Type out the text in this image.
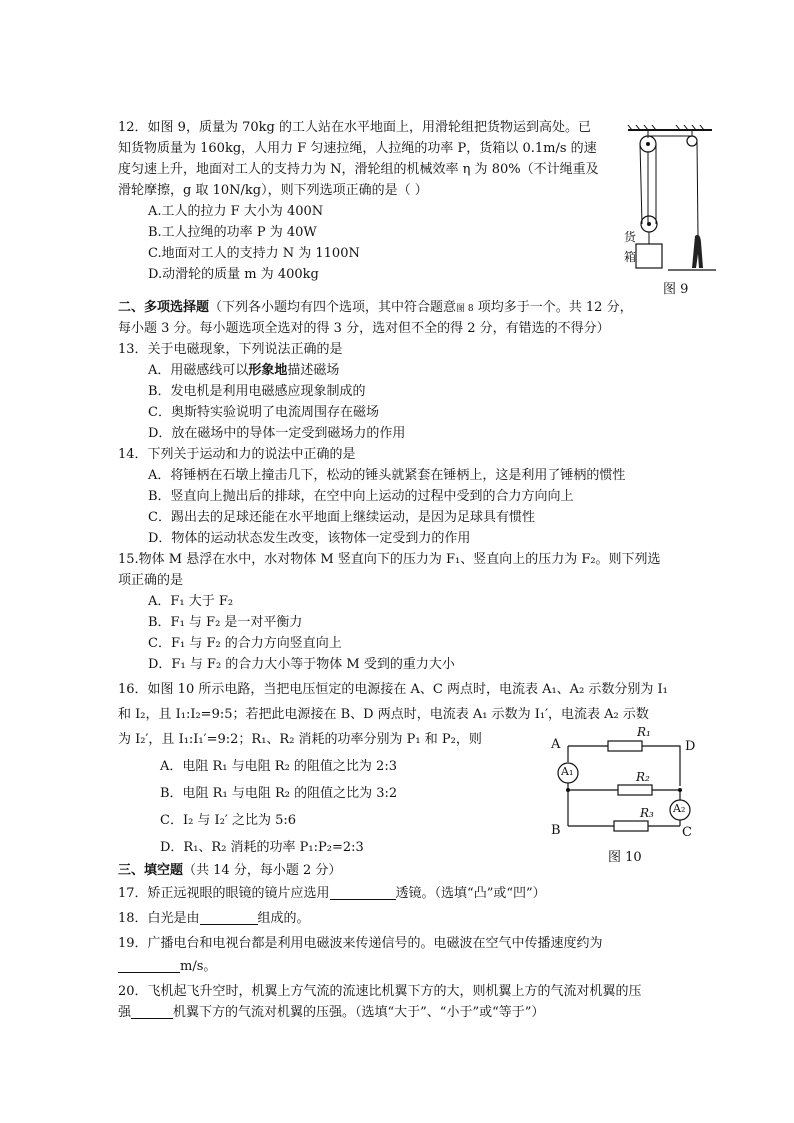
12．如图 9，质量为 70kg 的工人站在水平地面上，用滑轮组把货物运到高处。已
知货物质量为 160kg，人用力 F 匀速拉绳，人拉绳的功率 P，货箱以 0.1m/s 的速
度匀速上升，地面对工人的支持力为 N，滑轮组的机械效率 η 为 80%（不计绳重及
滑轮摩擦，g 取 10N/kg），则下列选项正确的是（ ）
A.工人的拉力 F 大小为 400N
B.工人拉绳的功率 P 为 40W
C.地面对工人的支持力 N 为 1100N
D.动滑轮的质量 m 为 400kg
货
箱
图 9
二、多项选择题（下列各小题均有四个选项，其中符合题意图 8 项均多于一个。共 12 分，
每小题 3 分。每小题选项全选对的得 3 分，选对但不全的得 2 分，有错选的不得分）
13．关于电磁现象，下列说法正确的是
A．用磁感线可以形象地描述磁场
B．发电机是利用电磁感应现象制成的
C．奥斯特实验说明了电流周围存在磁场
D．放在磁场中的导体一定受到磁场力的作用
14．下列关于运动和力的说法中正确的是
A．将锤柄在石墩上撞击几下，松动的锤头就紧套在锤柄上，这是利用了锤柄的惯性
B．竖直向上抛出后的排球，在空中向上运动的过程中受到的合力方向向上
C．踢出去的足球还能在水平地面上继续运动，是因为足球具有惯性
D．物体的运动状态发生改变，该物体一定受到力的作用
15.物体 M 悬浮在水中，水对物体 M 竖直向下的压力为 F₁、竖直向上的压力为 F₂。则下列选
项正确的是
A．F₁ 大于 F₂
B．F₁ 与 F₂ 是一对平衡力
C．F₁ 与 F₂ 的合力方向竖直向上
D．F₁ 与 F₂ 的合力大小等于物体 M 受到的重力大小
16．如图 10 所示电路，当把电压恒定的电源接在 A、C 两点时，电流表 A₁、A₂ 示数分别为 I₁
和 I₂，且 I₁:I₂=9:5；若把此电源接在 B、D 两点时，电流表 A₁ 示数为 I₁′，电流表 A₂ 示数
为 I₂′，且 I₁:I₁′=9:2；R₁、R₂ 消耗的功率分别为 P₁ 和 P₂，则
A．电阻 R₁ 与电阻 R₂ 的阻值之比为 2:3
B．电阻 R₁ 与电阻 R₂ 的阻值之比为 3:2
C．I₂ 与 I₂′ 之比为 5:6
D．R₁、R₂ 消耗的功率 P₁:P₂=2:3
A	D
B	C
R₁
R₂
R₃
A₁
A₂
图 10
三、填空题（共 14 分，每小题 2 分）
17．矫正远视眼的眼镜的镜片应选用	透镜。（选填“凸”或“凹”）
18．白光是由	组成的。
19．广播电台和电视台都是利用电磁波来传递信号的。电磁波在空气中传播速度约为
m/s。
20．飞机起飞升空时，机翼上方气流的流速比机翼下方的大，则机翼上方的气流对机翼的压
强	机翼下方的气流对机翼的压强。（选填“大于”、“小于”或“等于”）
